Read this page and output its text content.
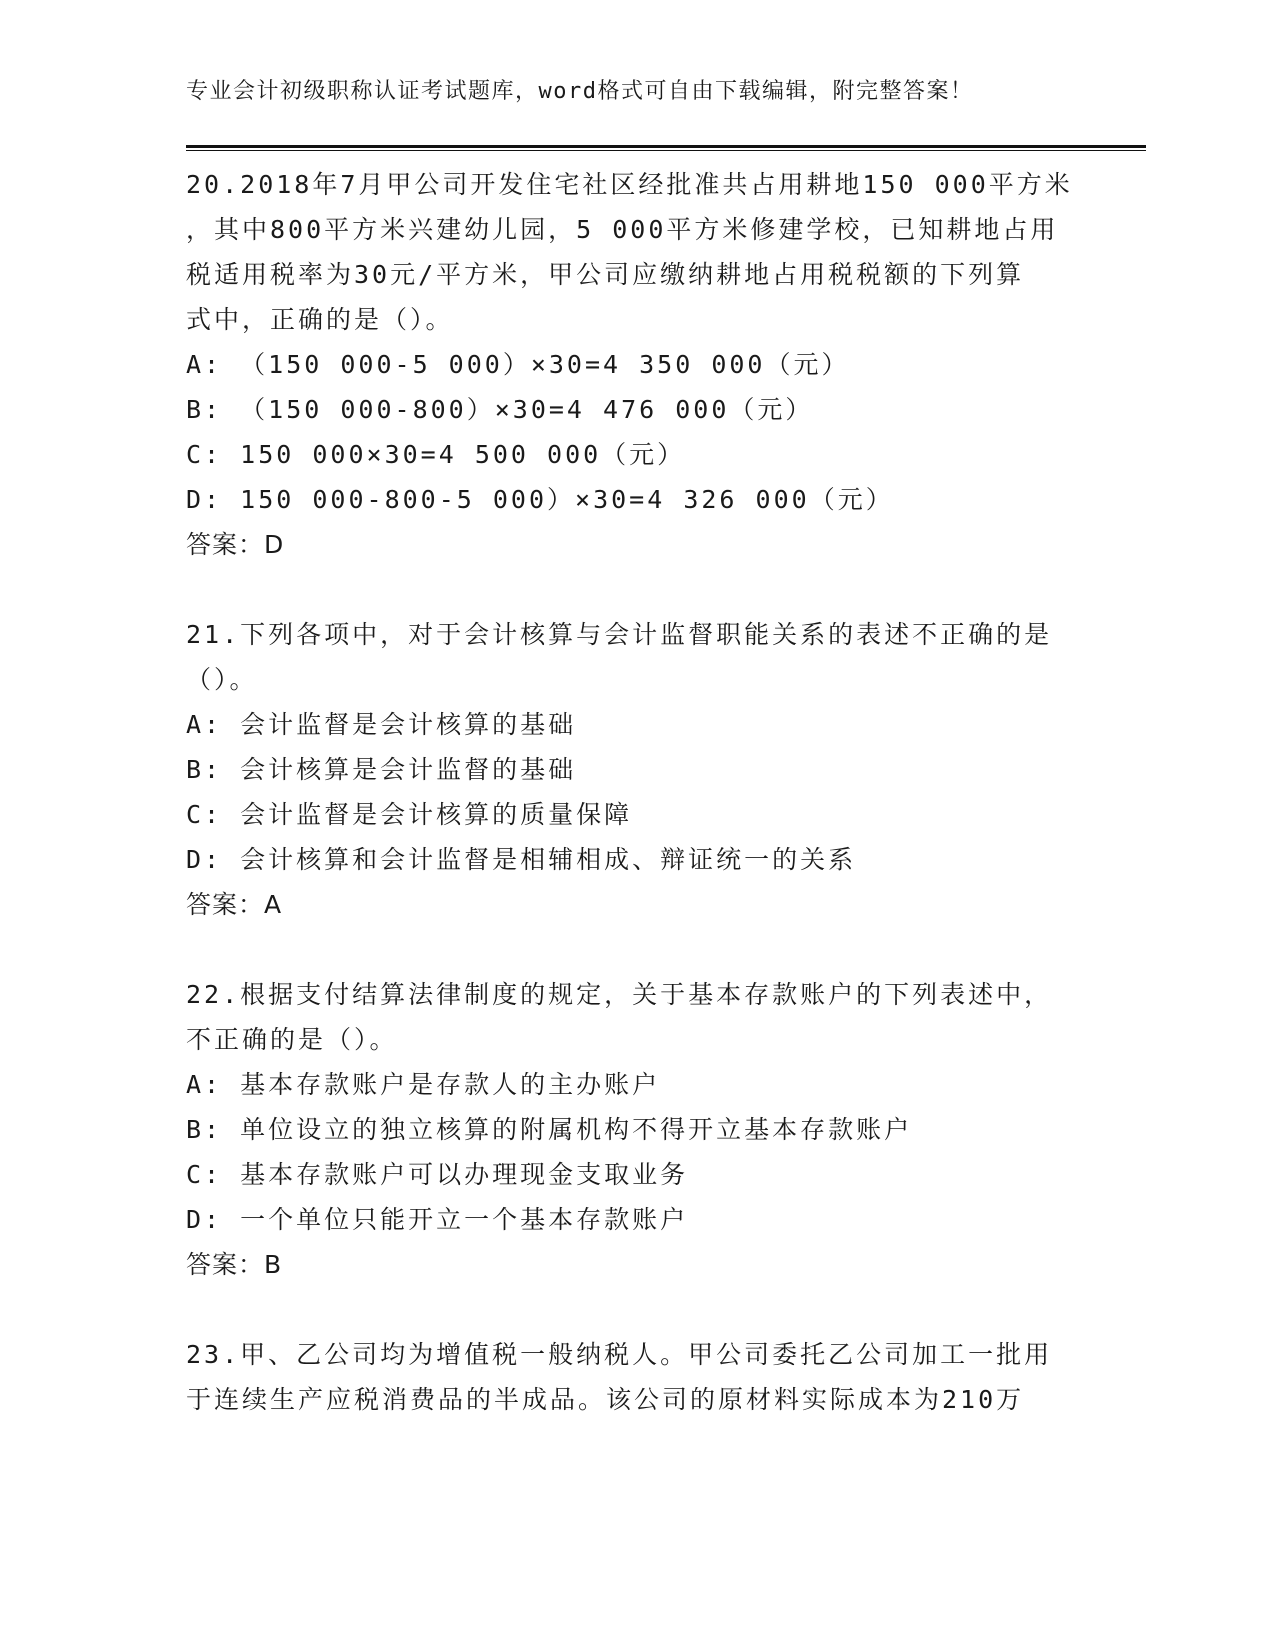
专业会计初级职称认证考试题库，word格式可自由下载编辑，附完整答案！
20.2018年7月甲公司开发住宅社区经批准共占用耕地150 000平方米
，其中800平方米兴建幼儿园，5 000平方米修建学校，已知耕地占用
税适用税率为30元/平方米，甲公司应缴纳耕地占用税税额的下列算
式中，正确的是（）。
A: （150 000-5 000）×30=4 350 000（元）
B: （150 000-800）×30=4 476 000（元）
C: 150 000×30=4 500 000（元）
D: 150 000-800-5 000）×30=4 326 000（元）
答案：D
21.下列各项中，对于会计核算与会计监督职能关系的表述不正确的是
（）。
A: 会计监督是会计核算的基础
B: 会计核算是会计监督的基础
C: 会计监督是会计核算的质量保障
D: 会计核算和会计监督是相辅相成、辩证统一的关系
答案：A
22.根据支付结算法律制度的规定，关于基本存款账户的下列表述中，
不正确的是（）。
A: 基本存款账户是存款人的主办账户
B: 单位设立的独立核算的附属机构不得开立基本存款账户
C: 基本存款账户可以办理现金支取业务
D: 一个单位只能开立一个基本存款账户
答案：B
23.甲、乙公司均为增值税一般纳税人。甲公司委托乙公司加工一批用
于连续生产应税消费品的半成品。该公司的原材料实际成本为210万
